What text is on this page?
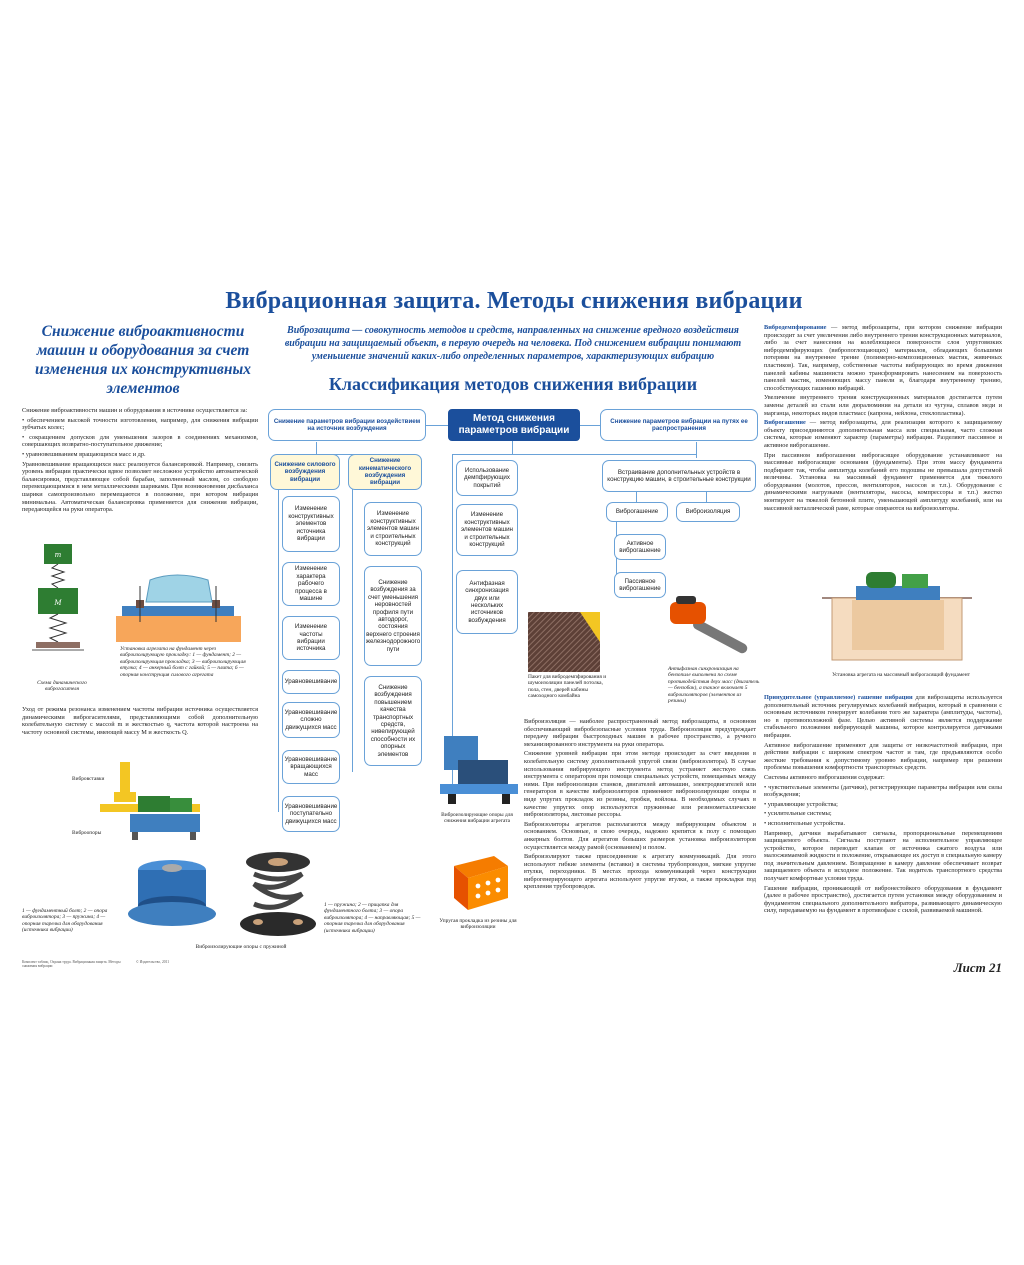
Вибрационная защита. Методы снижения вибрации
Снижение виброактивности машин и оборудования за счет изменения их конструктивных элементов

Снижение виброактивности машин и оборудования в источнике осуществляется за:

• обеспечением высокой точности изготовления, например, для снижения вибрации зубчатых колес;

• сокращением допусков для уменьшения зазоров в соединениях механизмов, совершающих возвратно-поступательное движение;

• уравновешиванием вращающихся масс и др.

Уравновешивание вращающихся масс реализуется балансировкой. Например, снизить уровень вибрации практически вдвое позволяет несложное устройство автоматической балансировки, представляющее собой барабан, заполненный маслом, со свободно перемещающимися в нем металлическими шариками. При возникновении дисбаланса шарики самопроизвольно перемещаются в положение, при котором вибрация минимальна. Автоматическая балансировка применяется для снижения вибрации, передающейся на руки оператора.

m
M
Схема динамического виброгасителя
Установка агрегата на фундамент через виброизолирующую прокладку: 1 — фундамент; 2 — виброизолирующая прокладка; 3 — виброизолирующая втулка; 4 — анкерный болт с гайкой; 5 — плита; 6 — опорная конструкция силового агрегата
Уход от режима резонанса изменением частоты вибрации источника осуществляется динамическими виброгасителями, представляющими собой дополнительную колебательную систему с массой m и жесткостью q, частота которой настроена на частоту основной системы, имеющей массу M и жесткость Q.
Вибровставки
Виброопоры
1 — фундаментный болт; 2 — опора виброизолятора; 3 — пружина; 4 — опорная тарелка для оборудования (источника вибрации)
1 — пружина; 2 — прицапка для фундаментного болта; 3 — опора виброизолятора; 4 — направляющая; 5 — опорная тарелка для оборудования (источника вибрации)
Виброизолирующие опоры с пружиной
Виброзащита — совокупность методов и средств, направленных на снижение вредного воздействия вибрации на защищаемый объект, в первую очередь на человека. Под снижением вибрации понимают уменьшение значений каких-либо определенных параметров, характеризующих вибрацию
Классификация методов снижения вибрации
Снижение параметров вибрации воздействием на источник возбуждения
Метод снижения параметров вибрации
Снижение параметров вибрации на путях ее распространения
Снижение силового возбуждения вибрации
Снижение кинематического возбуждения вибрации
Изменение конструктивных элементов источника вибрации
Изменение характера рабочего процесса в машине
Изменение частоты вибрации источника
Уравновешивание
Уравновешивание сложно движущихся масс
Уравновешивание вращающихся масс
Уравновешивание поступательно движущихся масс
Изменение конструктивных элементов машин и строительных конструкций
Снижение возбуждения за счет уменьшения неровностей профиля пути автодорог, состояния верхнего строения железнодорожного пути
Снижение возбуждения повышением качества транспортных средств, нивелирующей способности их опорных элементов
Использование демпфирующих покрытий
Изменение конструктивных элементов машин и строительных конструкций
Антифазная синхронизация двух или нескольких источников возбуждения
Встраивание дополнительных устройств в конструкцию машин, в строительные конструкции
Виброгашение	Виброизоляция
Активное виброгашение
Пассивное виброгашение
Пакет для вибродемпфирования и шумоизоляции панелей потолка, пола, стен, дверей кабины самоходного комбайна
Антифазная синхронизация на бензопиле выполнена по схеме противодействия двух масс (двигатель — бензобак), а также включает 5 виброизоляторов (элементов из резины)

Виброизоляция — наиболее распространенный метод виброзащиты, в основном обеспечивающий вибробезопасные условия труда. Виброизоляция предупреждает передачу вибрации быстроходных машин в рабочее пространство, а ручного механизированного инструмента на руки оператора.

Снижение уровней вибрации при этом методе происходит за счет введения в колебательную систему дополнительной упругой связи (виброизолятора). В случае использования вибрирующего инструмента метод устраняет жесткую связь инструмента с оператором при помощи специальных устройств, помещаемых между ними. При виброизоляции станков, двигателей автомашин, электродвигателей или генераторов в качестве виброизоляторов применяют виброизолирующие опоры в виде упругих прокладок из резины, пробки, войлока. В необходимых случаях в качестве упругих опор используются пружинные или резинометаллические виброизоляторы, листовые рессоры.

Виброизоляторы агрегатов располагаются между вибрирующим объектом и основанием. Основные, в свою очередь, надежно крепятся к полу с помощью анкерных болтов. Для агрегатов больших размеров установка виброизоляторов осуществляется между рамой (основанием) и полом.

Виброизолируют также присоединение к агрегату коммуникаций. Для этого используют гибкие элементы (вставки) в системы трубопроводов, мягкие упругие втулки, переходники. В местах прохода коммуникаций через конструкции виброгенерирующего агрегата используют упругие втулки, а также прокладки под крепления трубопроводов.

Виброизолирующие опоры для снижения вибрации агрегата
Упругая прокладка из резины для виброизоляции

Вибродемпфирование — метод виброзащиты, при котором снижение вибрации происходит за счет увеличения либо внутреннего трения конструкционных материалов, либо за счет нанесения на колеблющиеся поверхности слоя упруговязких вибродемпфирующих (вибропоглощающих) материалов, обладающих большими потерями на внутреннее трение (полимерно-композиционных мастик, живичных пластиков). Так, например, собственные частоты вибрирующих во время движения панелей кабины машиниста можно трансформировать нанесением на поверхность панелей мастик, изменяющих массу панели и, благодаря внутреннему трению, способствующих гашению вибраций.

Увеличение внутреннего трения конструкционных материалов достигается путем замены деталей из стали или дюралюминия на детали из чугуна, сплавов меди и марганца, некоторых видов пластмасс (капрона, нейлона, стеклопластика).

Виброгашение — метод виброзащиты, для реализации которого к защищаемому объекту присоединяются дополнительная масса или специальная, часто сложная система, которые изменяют характер (параметры) вибрации. Разделяют пассивное и активное виброгашение.

При пассивном виброгашении виброгасящее оборудование устанавливают на массивные виброгасящие основания (фундаменты). При этом массу фундамента подбирают так, чтобы амплитуда колебаний его подошвы не превышала допустимой величины. Установка на массивный фундамент применяется для тяжелого оборудования (молотов, прессов, вентиляторов, насосов и т.п.). Оборудование с динамическими нагрузками (вентиляторы, насосы, компрессоры и т.п.) жестко монтируют на тяжелой бетонной плите, уменьшающей амплитуду колебаний, или на массивной металлической раме, которые опираются на виброизоляторы.

Установка агрегата на массивный виброгасящий фундамент

Принудительное (управляемое) гашение вибрации для виброзащиты используется дополнительный источник регулируемых колебаний вибрации, который в сравнении с основным источником генерирует колебания того же характера (амплитуды, частоты), но в противоположной фазе. Целью активной системы является поддержание стабильного положения вибрирующей машины, которое контролируется датчиками вибрации.

Активное виброгашение применяют для защиты от низкочастотной вибрации, при действии вибрации с широким спектром частот и там, где предъявляются особо жесткие требования к допустимому уровню вибрации, например при решении проблемы повышения комфортности транспортных средств.

Системы активного виброгашения содержат:

• чувствительные элементы (датчики), регистрирующие параметры вибрации или силы возбуждения;

• управляющие устройства;

• усилительные системы;

• исполнительные устройства.

Например, датчики вырабатывают сигналы, пропорциональные перемещениям защищаемого объекта. Сигналы поступают на исполнительное управляющее устройство, которое переводит клапан от источника сжатого воздуха или малосжимаемой жидкости в положение, открывающее их доступ в специальную камеру под значительным давлением. Возвращение в камеру давление обеспечивает возврат защищаемого объекта в исходное положение. Так водитель транспортного средства получает комфортные условия труда.

Гашение вибрации, проникающей от вибронестойкого оборудования в фундамент (далее в рабочее пространство), достигается путем установки между оборудованием и фундаментом специального дополнительного вибратора, развивающего динамическую силу, передаваемую на фундамент в противофазе с силой, развиваемой машиной.

Лист 21
Комплект таблиц. Охрана труда. Вибрационная защита. Методы снижения вибрации
© Издательство, 2011
